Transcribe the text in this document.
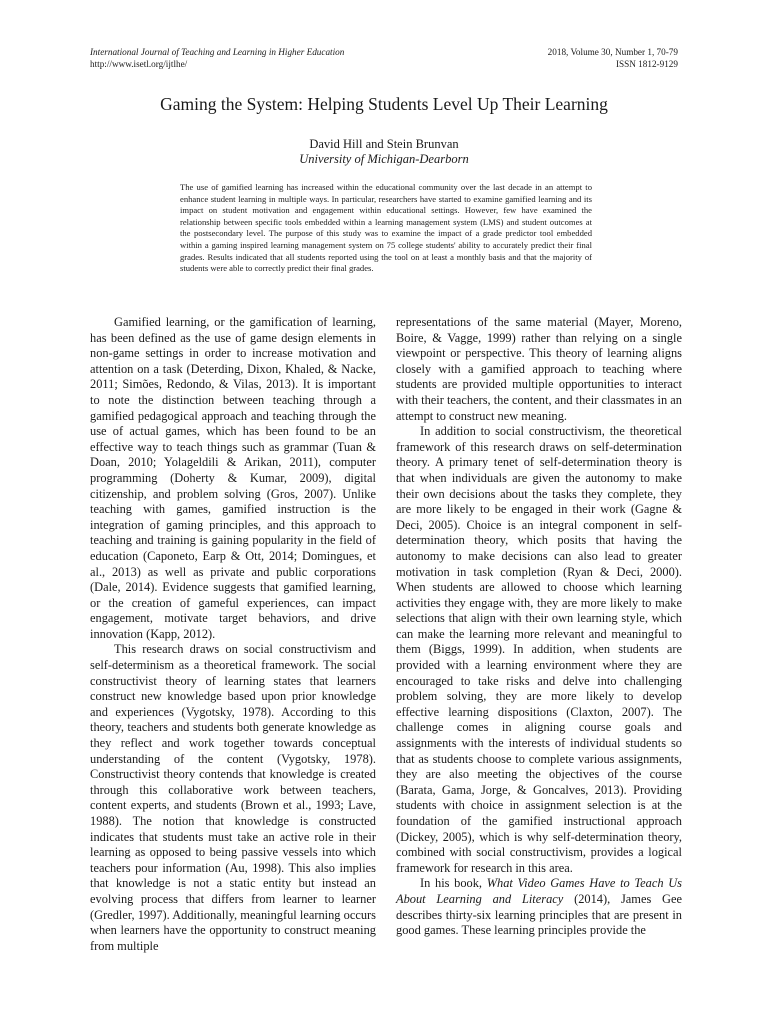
International Journal of Teaching and Learning in Higher Education
http://www.isetl.org/ijtlhe/
2018, Volume 30, Number 1, 70-79
ISSN 1812-9129
Gaming the System: Helping Students Level Up Their Learning
David Hill and Stein Brunvan
University of Michigan-Dearborn
The use of gamified learning has increased within the educational community over the last decade in an attempt to enhance student learning in multiple ways. In particular, researchers have started to examine gamified learning and its impact on student motivation and engagement within educational settings. However, few have examined the relationship between specific tools embedded within a learning management system (LMS) and student outcomes at the postsecondary level. The purpose of this study was to examine the impact of a grade predictor tool embedded within a gaming inspired learning management system on 75 college students' ability to accurately predict their final grades. Results indicated that all students reported using the tool on at least a monthly basis and that the majority of students were able to correctly predict their final grades.

Gamified learning, or the gamification of learning, has been defined as the use of game design elements in non-game settings in order to increase motivation and attention on a task (Deterding, Dixon, Khaled, & Nacke, 2011; Simões, Redondo, & Vilas, 2013). It is important to note the distinction between teaching through a gamified pedagogical approach and teaching through the use of actual games, which has been found to be an effective way to teach things such as grammar (Tuan & Doan, 2010; Yolageldili & Arikan, 2011), computer programming (Doherty & Kumar, 2009), digital citizenship, and problem solving (Gros, 2007). Unlike teaching with games, gamified instruction is the integration of gaming principles, and this approach to teaching and training is gaining popularity in the field of education (Caponeto, Earp & Ott, 2014; Domingues, et al., 2013) as well as private and public corporations (Dale, 2014). Evidence suggests that gamified learning, or the creation of gameful experiences, can impact engagement, motivate target behaviors, and drive innovation (Kapp, 2012).

This research draws on social constructivism and self-determinism as a theoretical framework. The social constructivist theory of learning states that learners construct new knowledge based upon prior knowledge and experiences (Vygotsky, 1978). According to this theory, teachers and students both generate knowledge as they reflect and work together towards conceptual understanding of the content (Vygotsky, 1978). Constructivist theory contends that knowledge is created through this collaborative work between teachers, content experts, and students (Brown et al., 1993; Lave, 1988). The notion that knowledge is constructed indicates that students must take an active role in their learning as opposed to being passive vessels into which teachers pour information (Au, 1998). This also implies that knowledge is not a static entity but instead an evolving process that differs from learner to learner (Gredler, 1997). Additionally, meaningful learning occurs when learners have the opportunity to construct meaning from multiple

representations of the same material (Mayer, Moreno, Boire, & Vagge, 1999) rather than relying on a single viewpoint or perspective. This theory of learning aligns closely with a gamified approach to teaching where students are provided multiple opportunities to interact with their teachers, the content, and their classmates in an attempt to construct new meaning.

In addition to social constructivism, the theoretical framework of this research draws on self-determination theory. A primary tenet of self-determination theory is that when individuals are given the autonomy to make their own decisions about the tasks they complete, they are more likely to be engaged in their work (Gagne & Deci, 2005). Choice is an integral component in self-determination theory, which posits that having the autonomy to make decisions can also lead to greater motivation in task completion (Ryan & Deci, 2000). When students are allowed to choose which learning activities they engage with, they are more likely to make selections that align with their own learning style, which can make the learning more relevant and meaningful to them (Biggs, 1999). In addition, when students are provided with a learning environment where they are encouraged to take risks and delve into challenging problem solving, they are more likely to develop effective learning dispositions (Claxton, 2007). The challenge comes in aligning course goals and assignments with the interests of individual students so that as students choose to complete various assignments, they are also meeting the objectives of the course (Barata, Gama, Jorge, & Goncalves, 2013). Providing students with choice in assignment selection is at the foundation of the gamified instructional approach (Dickey, 2005), which is why self-determination theory, combined with social constructivism, provides a logical framework for research in this area.

In his book, What Video Games Have to Teach Us About Learning and Literacy (2014), James Gee describes thirty-six learning principles that are present in good games. These learning principles provide the
